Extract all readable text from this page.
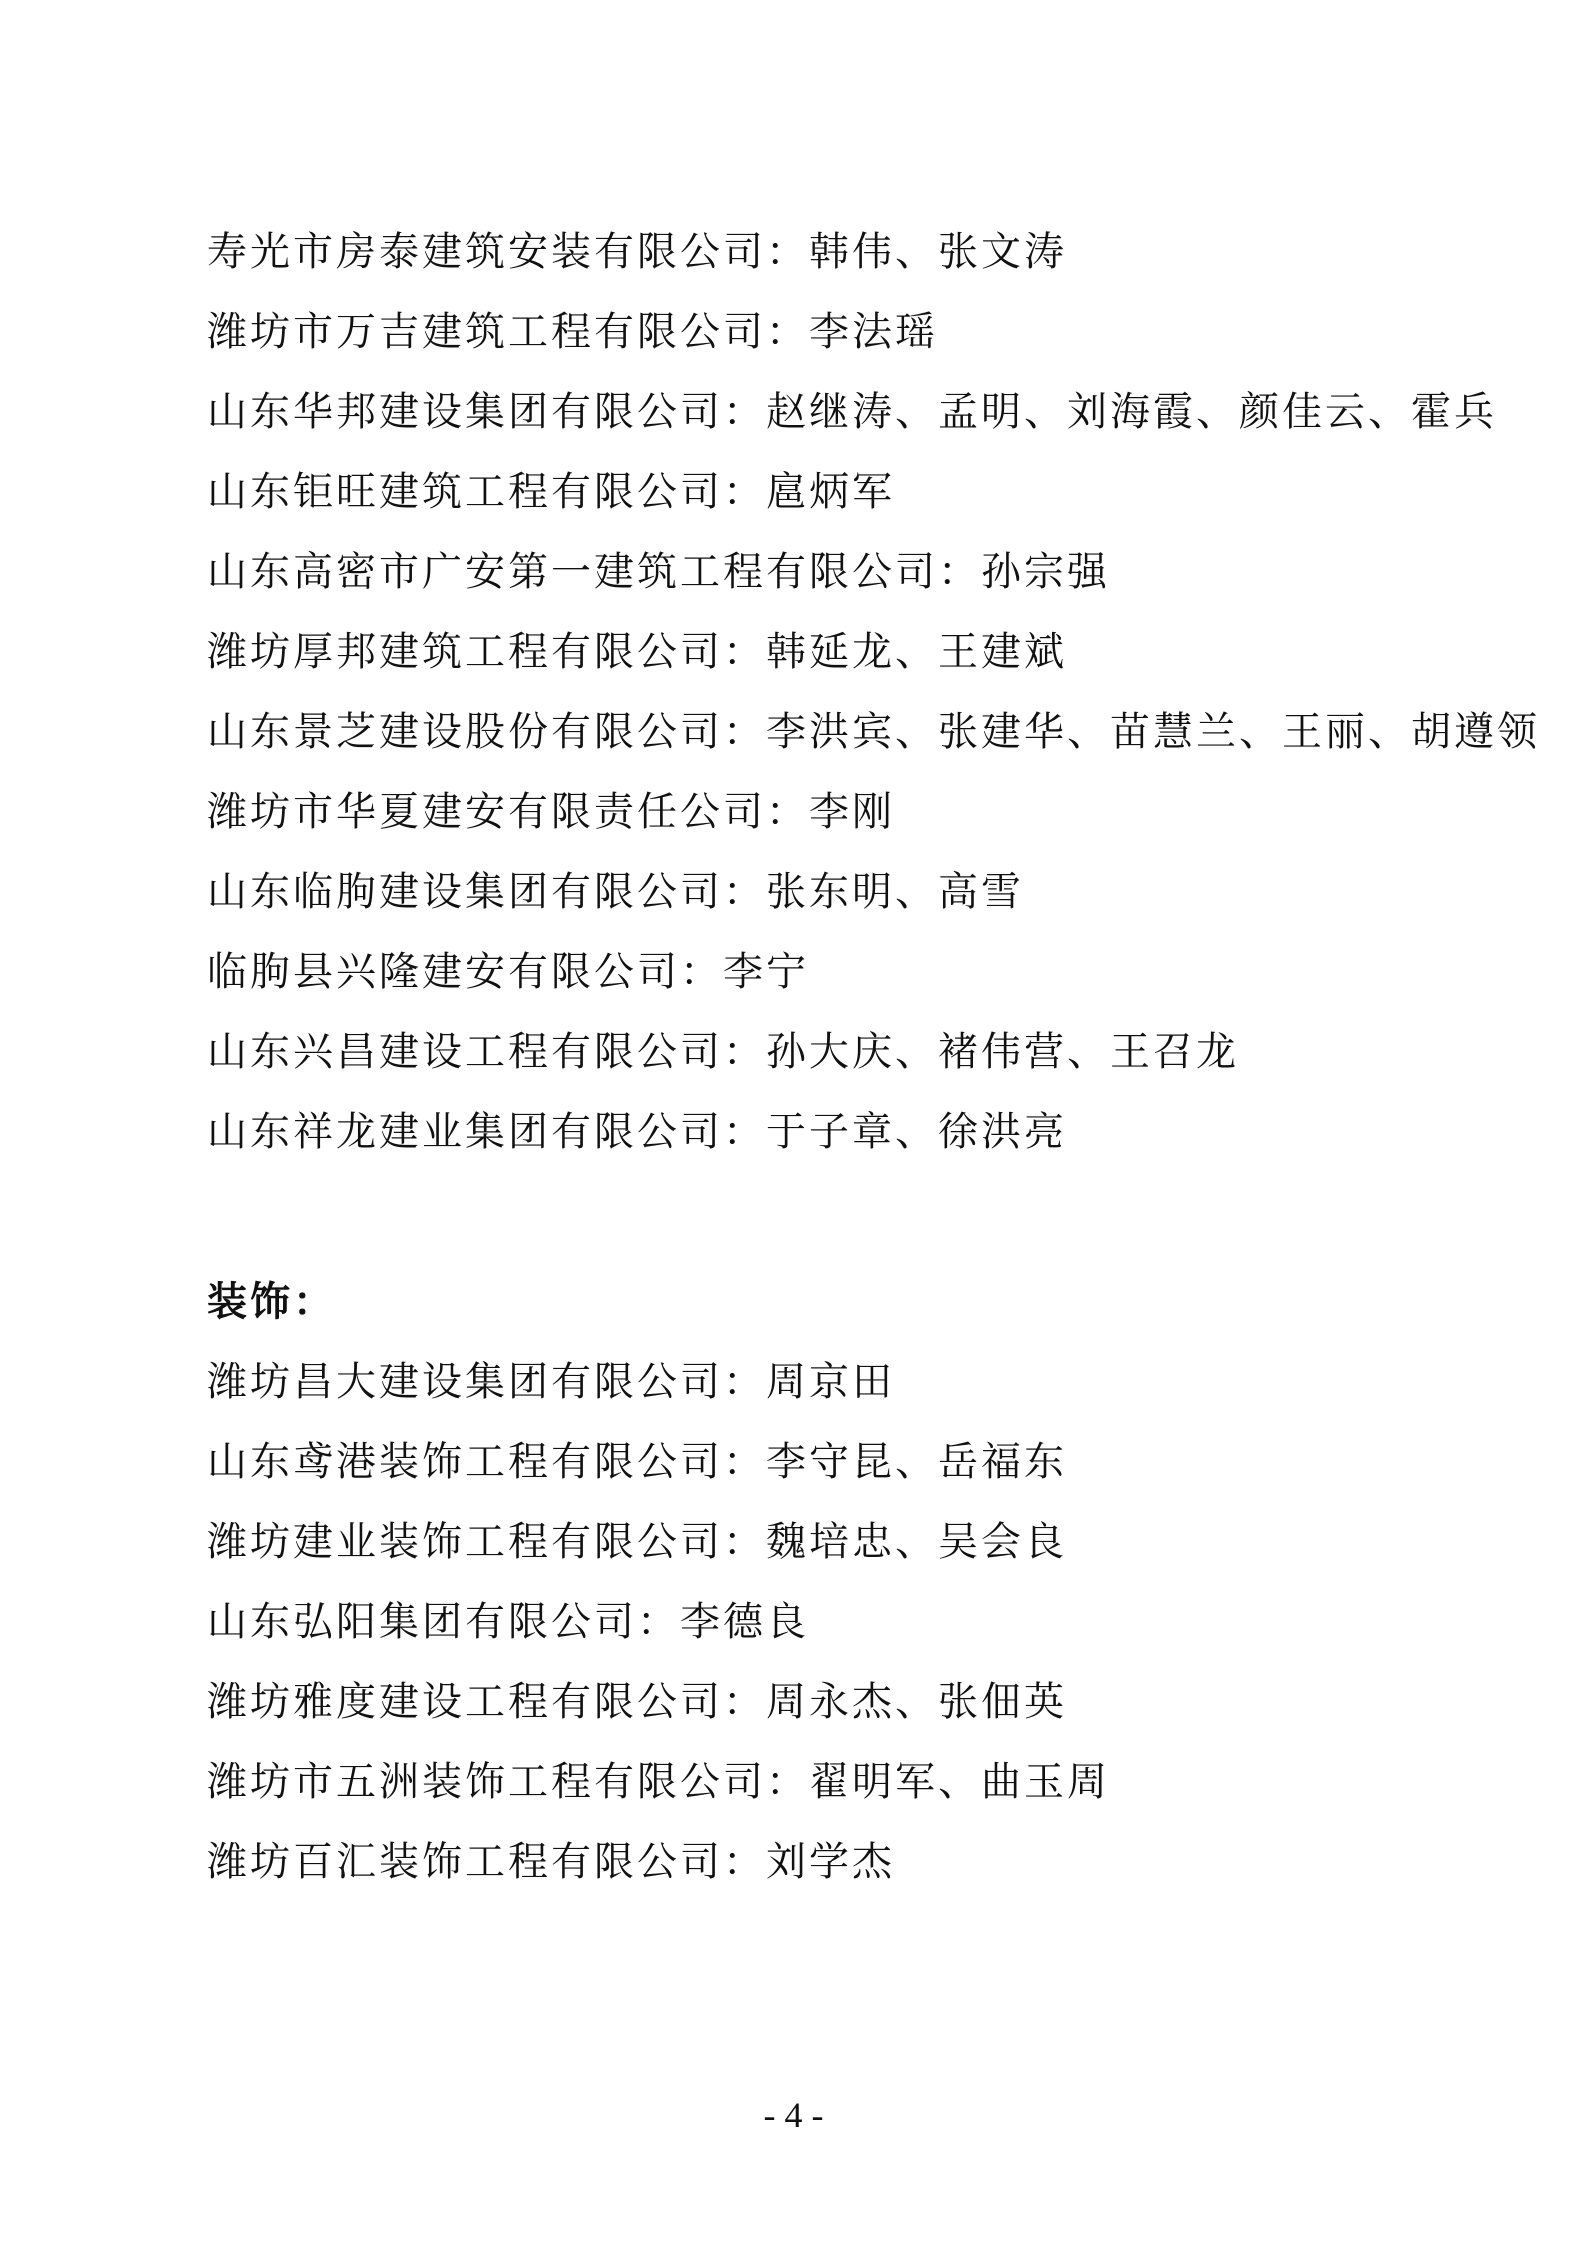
寿光市房泰建筑安装有限公司：韩伟、张文涛
潍坊市万吉建筑工程有限公司：李法瑶
山东华邦建设集团有限公司：赵继涛、孟明、刘海霞、颜佳云、霍兵
山东钜旺建筑工程有限公司：扈炳军
山东高密市广安第一建筑工程有限公司：孙宗强
潍坊厚邦建筑工程有限公司：韩延龙、王建斌
山东景芝建设股份有限公司：李洪宾、张建华、苗慧兰、王丽、胡遵领
潍坊市华夏建安有限责任公司：李刚
山东临朐建设集团有限公司：张东明、高雪
临朐县兴隆建安有限公司：李宁
山东兴昌建设工程有限公司：孙大庆、褚伟营、王召龙
山东祥龙建业集团有限公司：于子章、徐洪亮
装饰：
潍坊昌大建设集团有限公司：周京田
山东鸢港装饰工程有限公司：李守昆、岳福东
潍坊建业装饰工程有限公司：魏培忠、吴会良
山东弘阳集团有限公司：李德良
潍坊雅度建设工程有限公司：周永杰、张佃英
潍坊市五洲装饰工程有限公司：翟明军、曲玉周
潍坊百汇装饰工程有限公司：刘学杰
- 4 -
